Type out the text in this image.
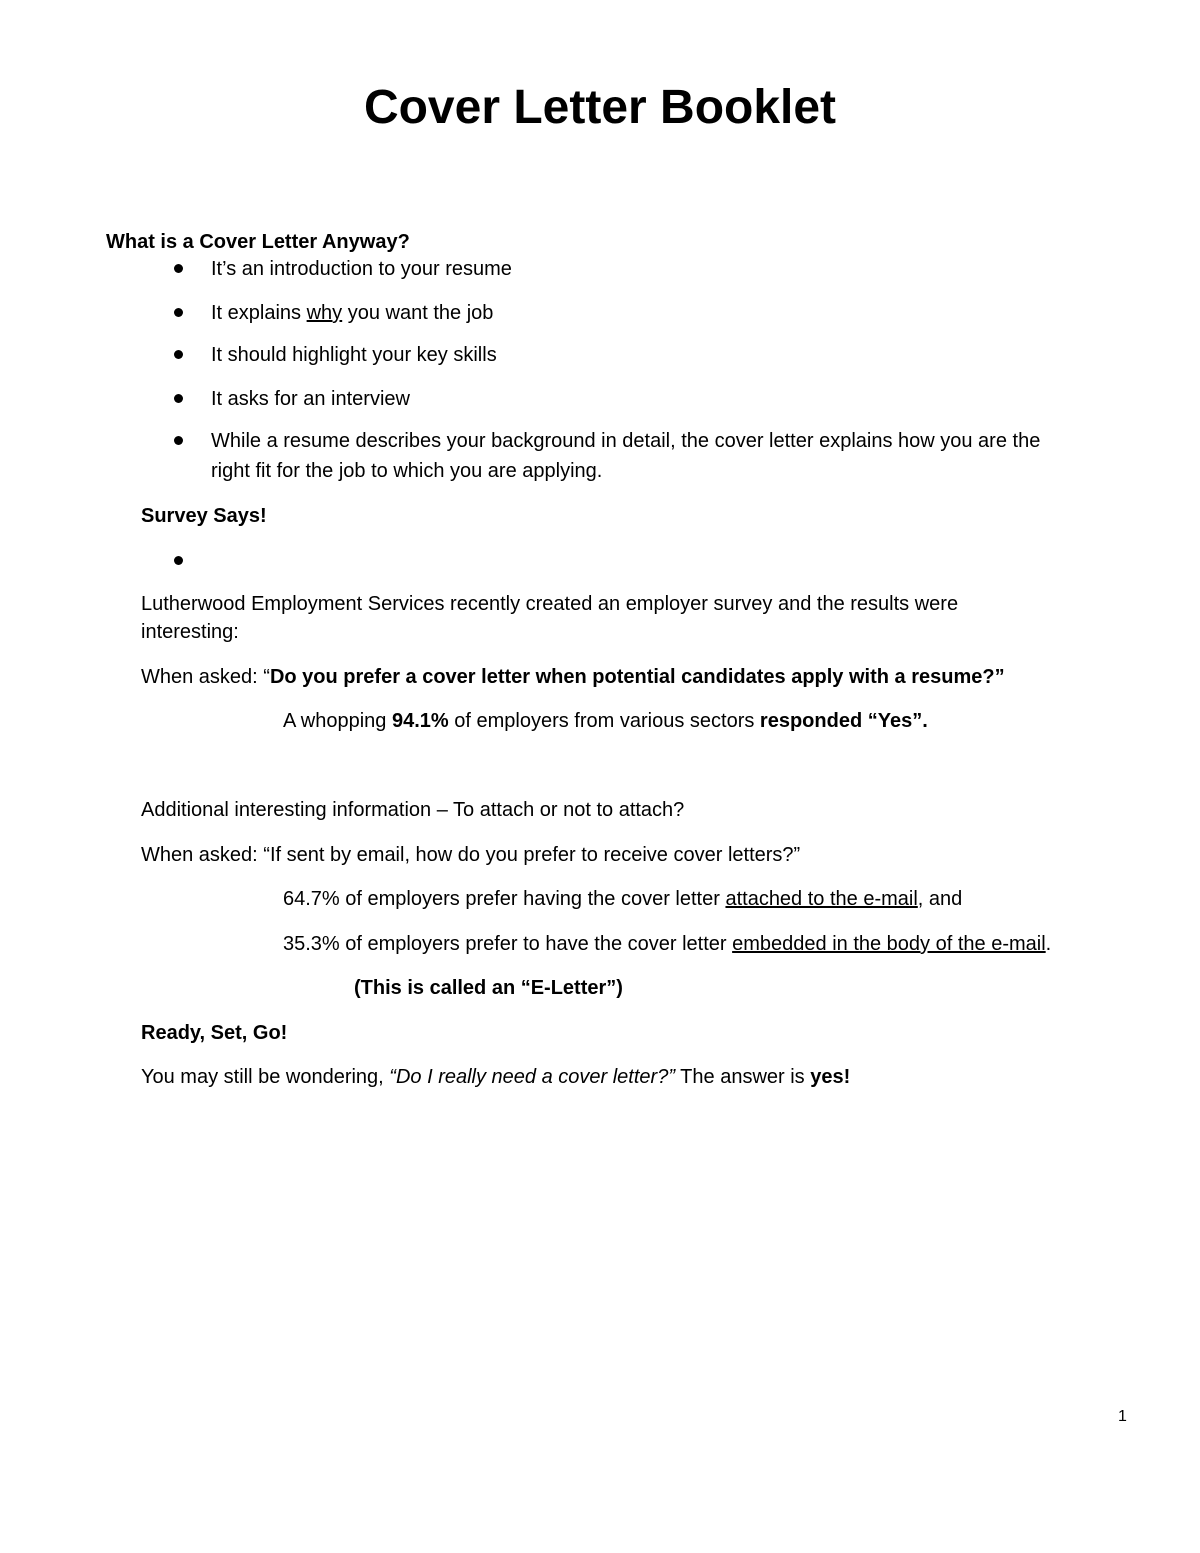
Cover Letter Booklet
What is a Cover Letter Anyway?
It’s an introduction to your resume
It explains why you want the job
It should highlight your key skills
It asks for an interview
While a resume describes your background in detail, the cover letter explains how you are the
right fit for the job to which you are applying.
Survey Says!
Lutherwood Employment Services recently created an employer survey and the results were
interesting:
When asked: “Do you prefer a cover letter when potential candidates apply with a resume?”
A whopping 94.1% of employers from various sectors responded “Yes”.
Additional interesting information – To attach or not to attach?
When asked: “If sent by email, how do you prefer to receive cover letters?”
64.7% of employers prefer having the cover letter attached to the e-mail, and
35.3% of employers prefer to have the cover letter embedded in the body of the e-mail.
(This is called an “E-Letter”)
Ready, Set, Go!
You may still be wondering, “Do I really need a cover letter?” The answer is yes!
1
